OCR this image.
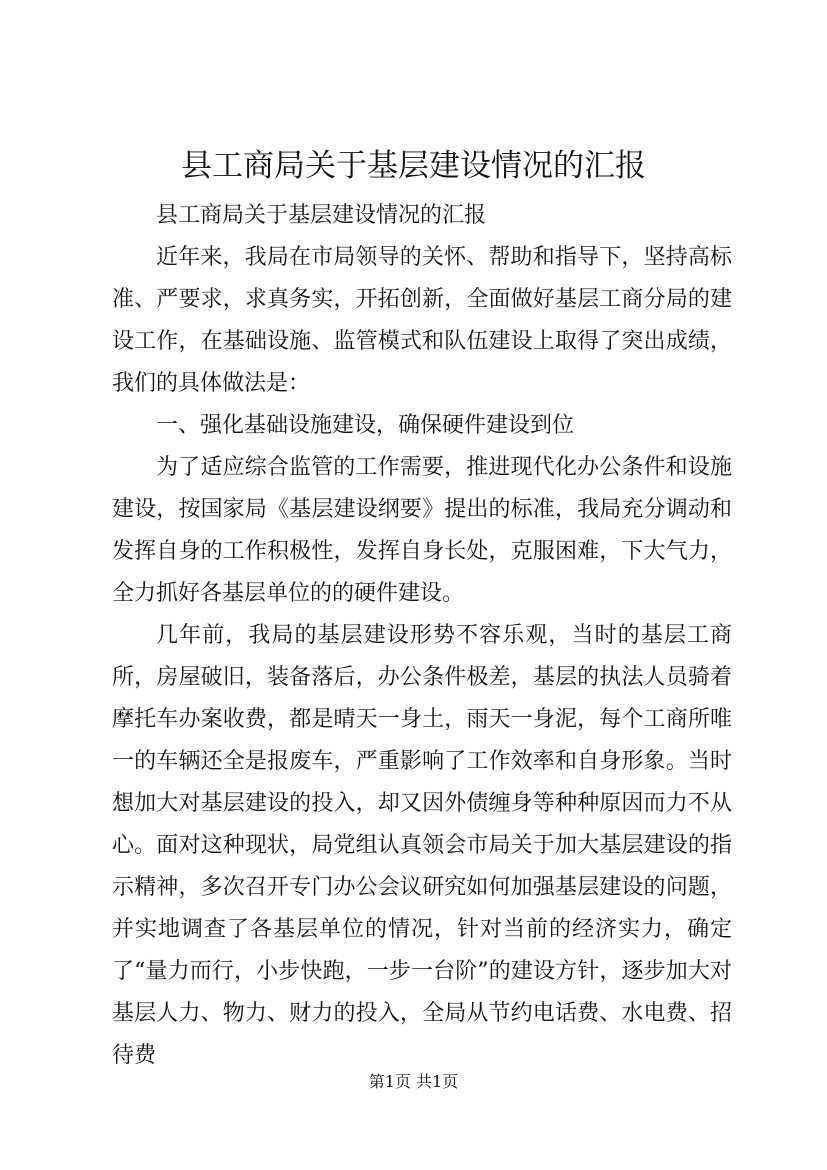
县工商局关于基层建设情况的汇报

县工商局关于基层建设情况的汇报

近年来，我局在市局领导的关怀、帮助和指导下，坚持高标准、严要求，求真务实，开拓创新，全面做好基层工商分局的建设工作，在基础设施、监管模式和队伍建设上取得了突出成绩，我们的具体做法是：

一、强化基础设施建设，确保硬件建设到位

为了适应综合监管的工作需要，推进现代化办公条件和设施建设，按国家局《基层建设纲要》提出的标准，我局充分调动和发挥自身的工作积极性，发挥自身长处，克服困难，下大气力，全力抓好各基层单位的的硬件建设。

几年前，我局的基层建设形势不容乐观，当时的基层工商所，房屋破旧，装备落后，办公条件极差，基层的执法人员骑着摩托车办案收费，都是晴天一身土，雨天一身泥，每个工商所唯一的车辆还全是报废车，严重影响了工作效率和自身形象。当时想加大对基层建设的投入，却又因外债缠身等种种原因而力不从心。面对这种现状，局党组认真领会市局关于加大基层建设的指示精神，多次召开专门办公会议研究如何加强基层建设的问题，并实地调查了各基层单位的情况，针对当前的经济实力，确定了“量力而行，小步快跑，一步一台阶”的建设方针，逐步加大对基层人力、物力、财力的投入，全局从节约电话费、水电费、招待费

第1页 共1页
